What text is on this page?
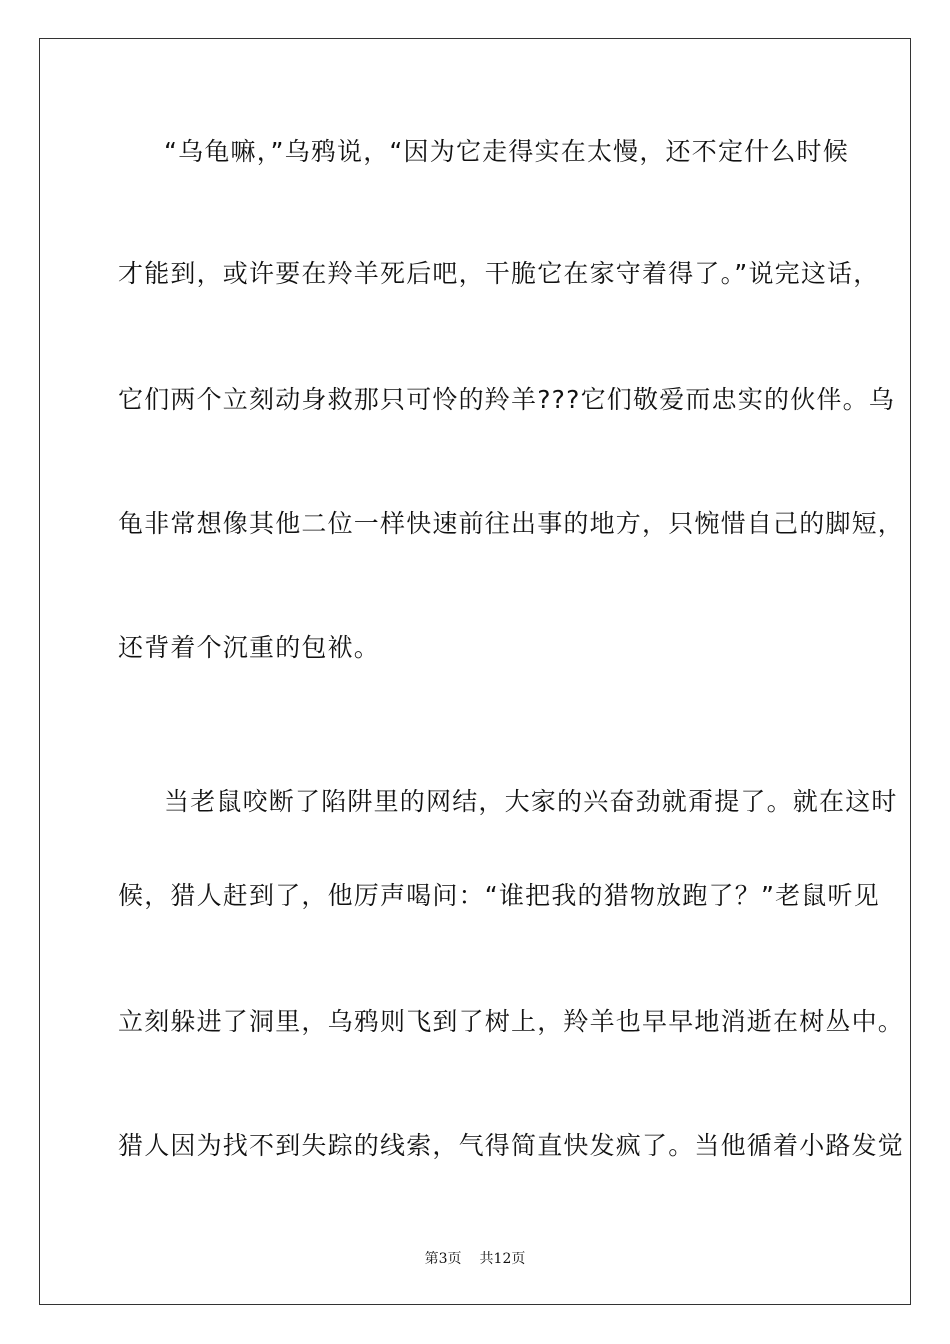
“乌龟嘛，”乌鸦说，“因为它走得实在太慢，还不定什么时候
才能到，或许要在羚羊死后吧，干脆它在家守着得了。”说完这话，
它们两个立刻动身救那只可怜的羚羊???它们敬爱而忠实的伙伴。乌
龟非常想像其他二位一样快速前往出事的地方，只惋惜自己的脚短，
还背着个沉重的包袱。
当老鼠咬断了陷阱里的网结，大家的兴奋劲就甭提了。就在这时
候，猎人赶到了，他厉声喝问：“谁把我的猎物放跑了？”老鼠听见
立刻躲进了洞里，乌鸦则飞到了树上，羚羊也早早地消逝在树丛中。
猎人因为找不到失踪的线索，气得简直快发疯了。当他循着小路发觉
第3页 共12页
